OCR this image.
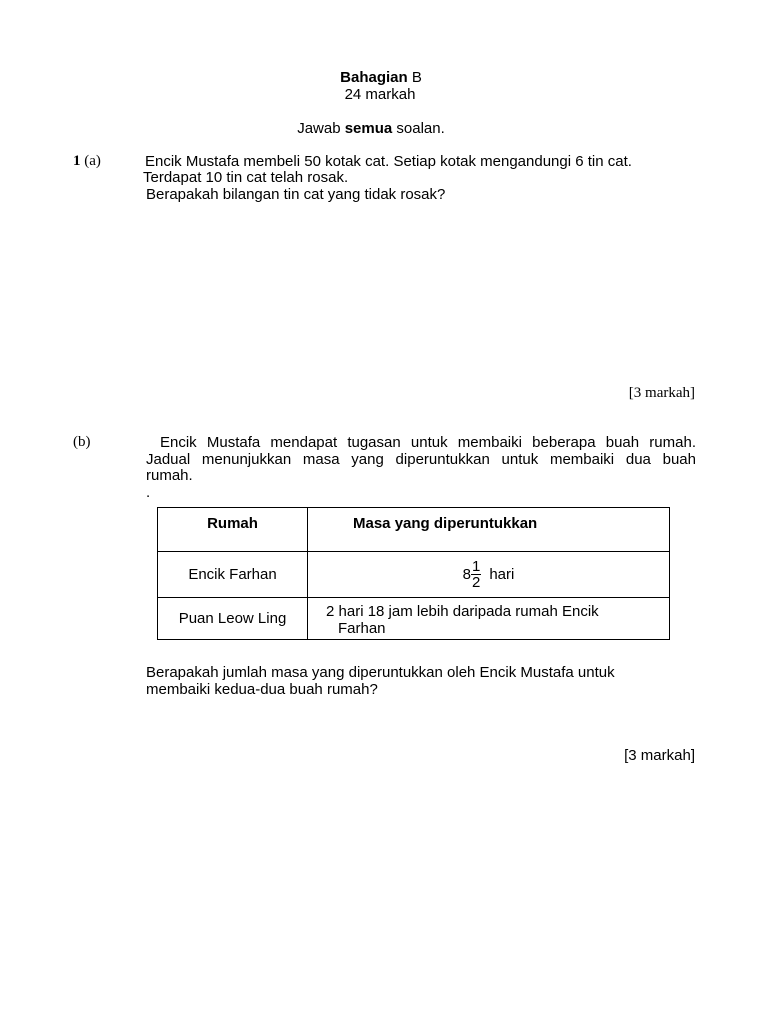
Bahagian B
24 markah
Jawab semua soalan.
1 (a)	Encik Mustafa membeli 50 kotak cat. Setiap kotak mengandungi 6 tin cat.
Terdapat 10 tin cat telah rosak.
Berapakah bilangan tin cat yang tidak rosak?
[3 markah]
(b)	Encik Mustafa mendapat tugasan untuk membaiki beberapa buah rumah.
Jadual menunjukkan masa yang diperuntukkan untuk membaiki dua buah
rumah.
.
Rumah	Masa yang diperuntukkan
Encik Farhan	$8 \frac{1}{2}$ hari

Puan Leow Ling	2 hari 18 jam lebih daripada rumah Encik
Farhan
Berapakah jumlah masa yang diperuntukkan oleh Encik Mustafa untuk
membaiki kedua-dua buah rumah?
[3 markah]
